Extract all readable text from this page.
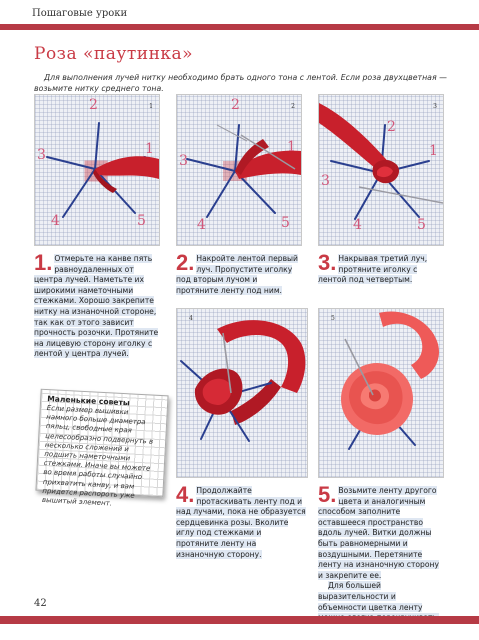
Пошаговые уроки
Роза «паутинка»
Для выполнения лучей нитку необходимо брать одного тона с лентой. Если роза двухцветная — возьмите нитку среднего тона.
1
2
1
3
4	5
2
2
1
3
4	5
3
2
1
3
4	5
1. Отмерьте на канве пять равноудаленных от центра лучей. Наметьте их широкими наметочными стежками. Хорошо закрепите нитку на изнаночной стороне, так как от этого зависит прочность розочки. Протяните на лицевую сторону иголку с лентой у центра лучей.
2. Накройте лентой первый луч. Пропустите иголку под вторым лучом и протяните ленту под ним.
3. Накрывая третий луч, протяните иголку с лентой под четвертым.
4	5
Маленькие советы
Если размер вышивки намного больше диаметра пяльц, свободные края целесообразно подвернуть в несколько сложений и подшить наметочными стежками. Иначе вы можете во время работы случайно прихватить канву, и вам придется распороть уже вышитый элемент.	4. Продолжайте протаскивать ленту под и над лучами, пока не образуется сердцевинка розы. Вколите иглу под стежками и протяните ленту на изнаночную сторону.
5. Возьмите ленту другого цвета и аналогичным способом заполните оставшееся пространство вдоль лучей. Витки должны быть равномерными и воздушными. Перетяните ленту на изнаночную сторону и закрепите ее.
Для большей выразительности и объемности цветка ленту
42
